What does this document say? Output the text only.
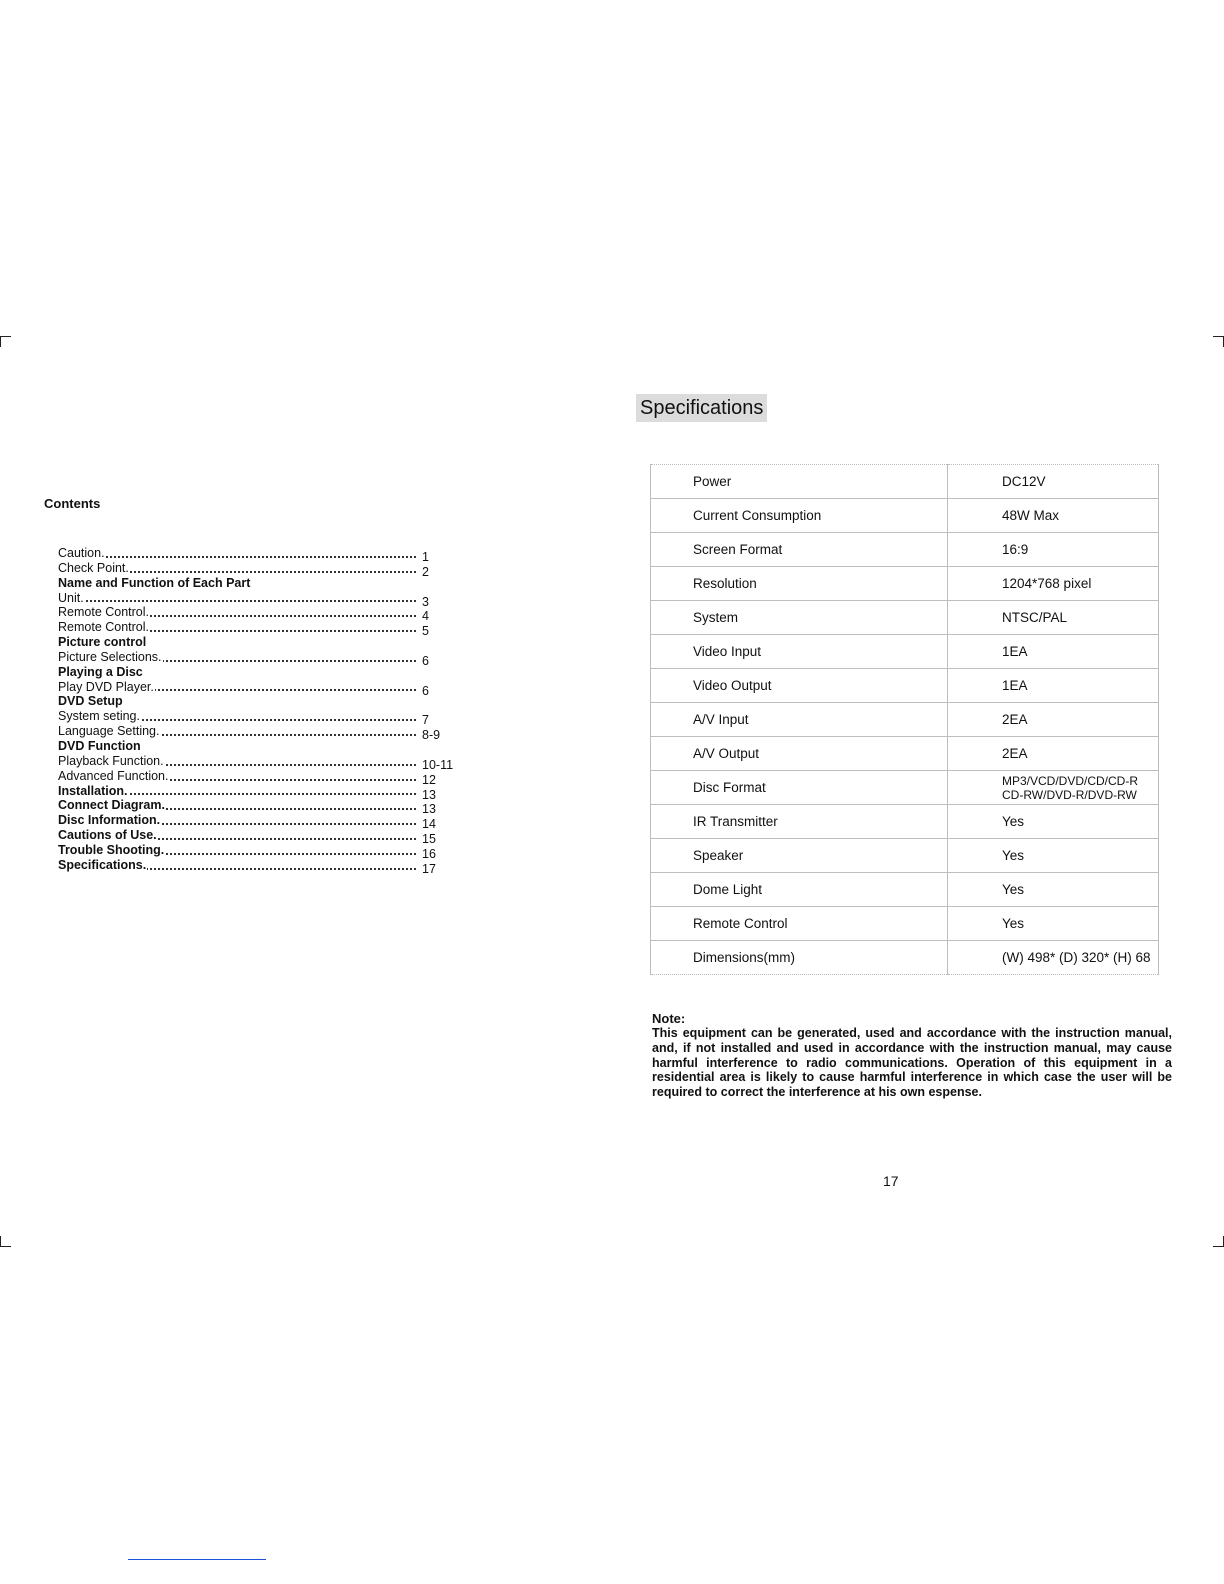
Contents
Caution.	1
Check Point.	2
Name and Function of Each Part
Unit.	3
Remote Control.	4
Remote Control.	5
Picture control
Picture Selections.	6
Playing a Disc
Play DVD Player.	6
DVD Setup
System seting.	7
Language Setting.	8-9
DVD Function
Playback Function.	10-11
Advanced Function.	12
Installation.	13
Connect Diagram.	13
Disc Information.	14
Cautions of Use.	15
Trouble Shooting.	16
Specifications.	17
Specifications
Power	DC12V
Current Consumption	48W Max
Screen Format	16:9
Resolution	1204*768 pixel
System	NTSC/PAL
Video Input	1EA
Video Output	1EA
A/V Input	2EA
A/V Output	2EA
Disc Format	MP3/VCD/DVD/CD/CD-R
CD-RW/DVD-R/DVD-RW
IR Transmitter	Yes
Speaker	Yes
Dome Light	Yes
Remote Control	Yes
Dimensions(mm)	(W) 498* (D) 320* (H) 68
Note:
This equipment can be generated, used and accordance with the instruction manual, and, if not installed and used in accordance with the instruction manual, may cause harmful interference to radio communications. Operation of this equipment in a residential area is likely to cause harmful interference in which case the user will be required to correct the interference at his own espense.
17
